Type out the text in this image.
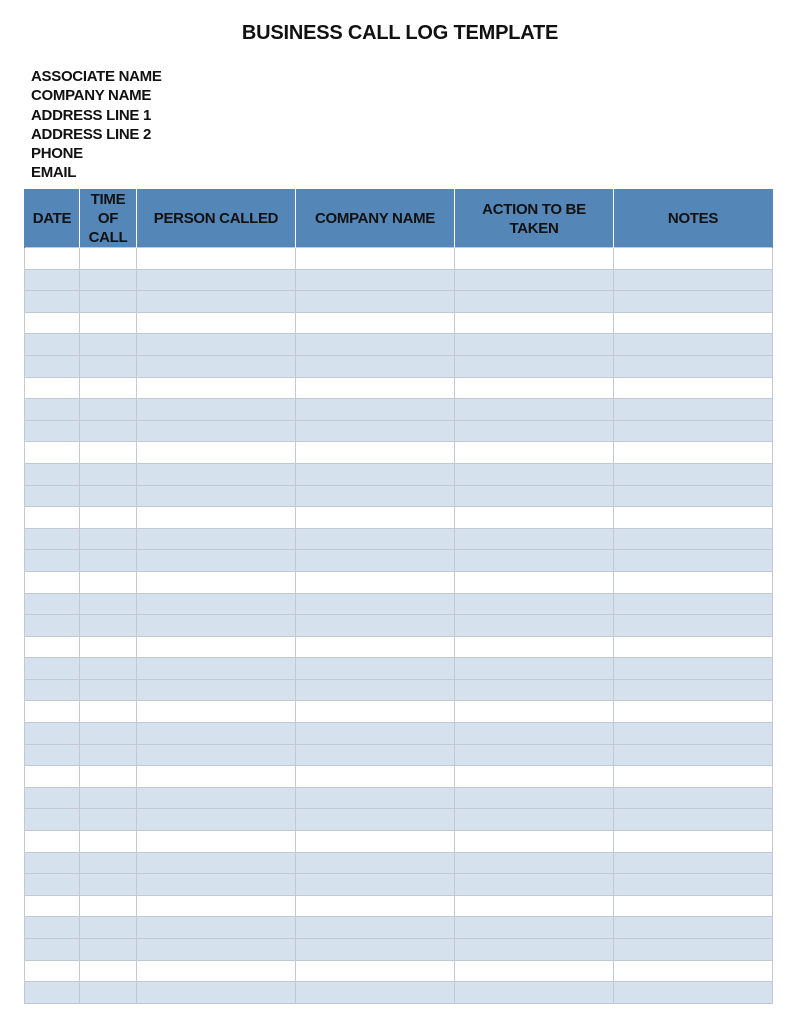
BUSINESS CALL LOG TEMPLATE
ASSOCIATE NAME
COMPANY NAME
ADDRESS LINE 1
ADDRESS LINE 2
PHONE
EMAIL
DATE	TIME OF CALL	PERSON CALLED	COMPANY NAME	ACTION TO BE TAKEN	NOTES
